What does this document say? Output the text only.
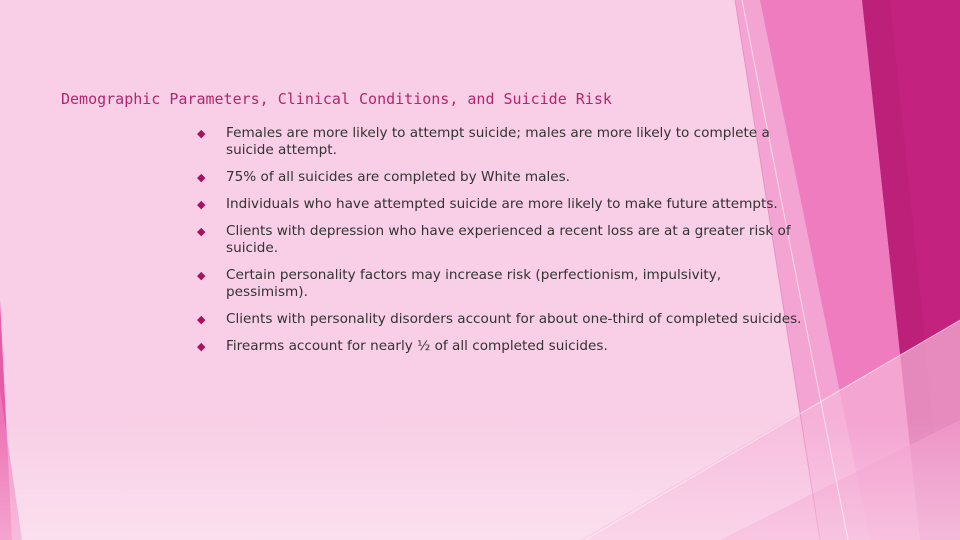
Demographic Parameters, Clinical Conditions, and Suicide Risk
◆	Females are more likely to attempt suicide; males are more likely to complete a suicide attempt.
◆	75% of all suicides are completed by White males.
◆	Individuals who have attempted suicide are more likely to make future attempts.
◆	Clients with depression who have experienced a recent loss are at a greater risk of suicide.
◆	Certain personality factors may increase risk (perfectionism, impulsivity, pessimism).
◆	Clients with personality disorders account for about one-third of completed suicides.
◆	Firearms account for nearly ½ of all completed suicides.
